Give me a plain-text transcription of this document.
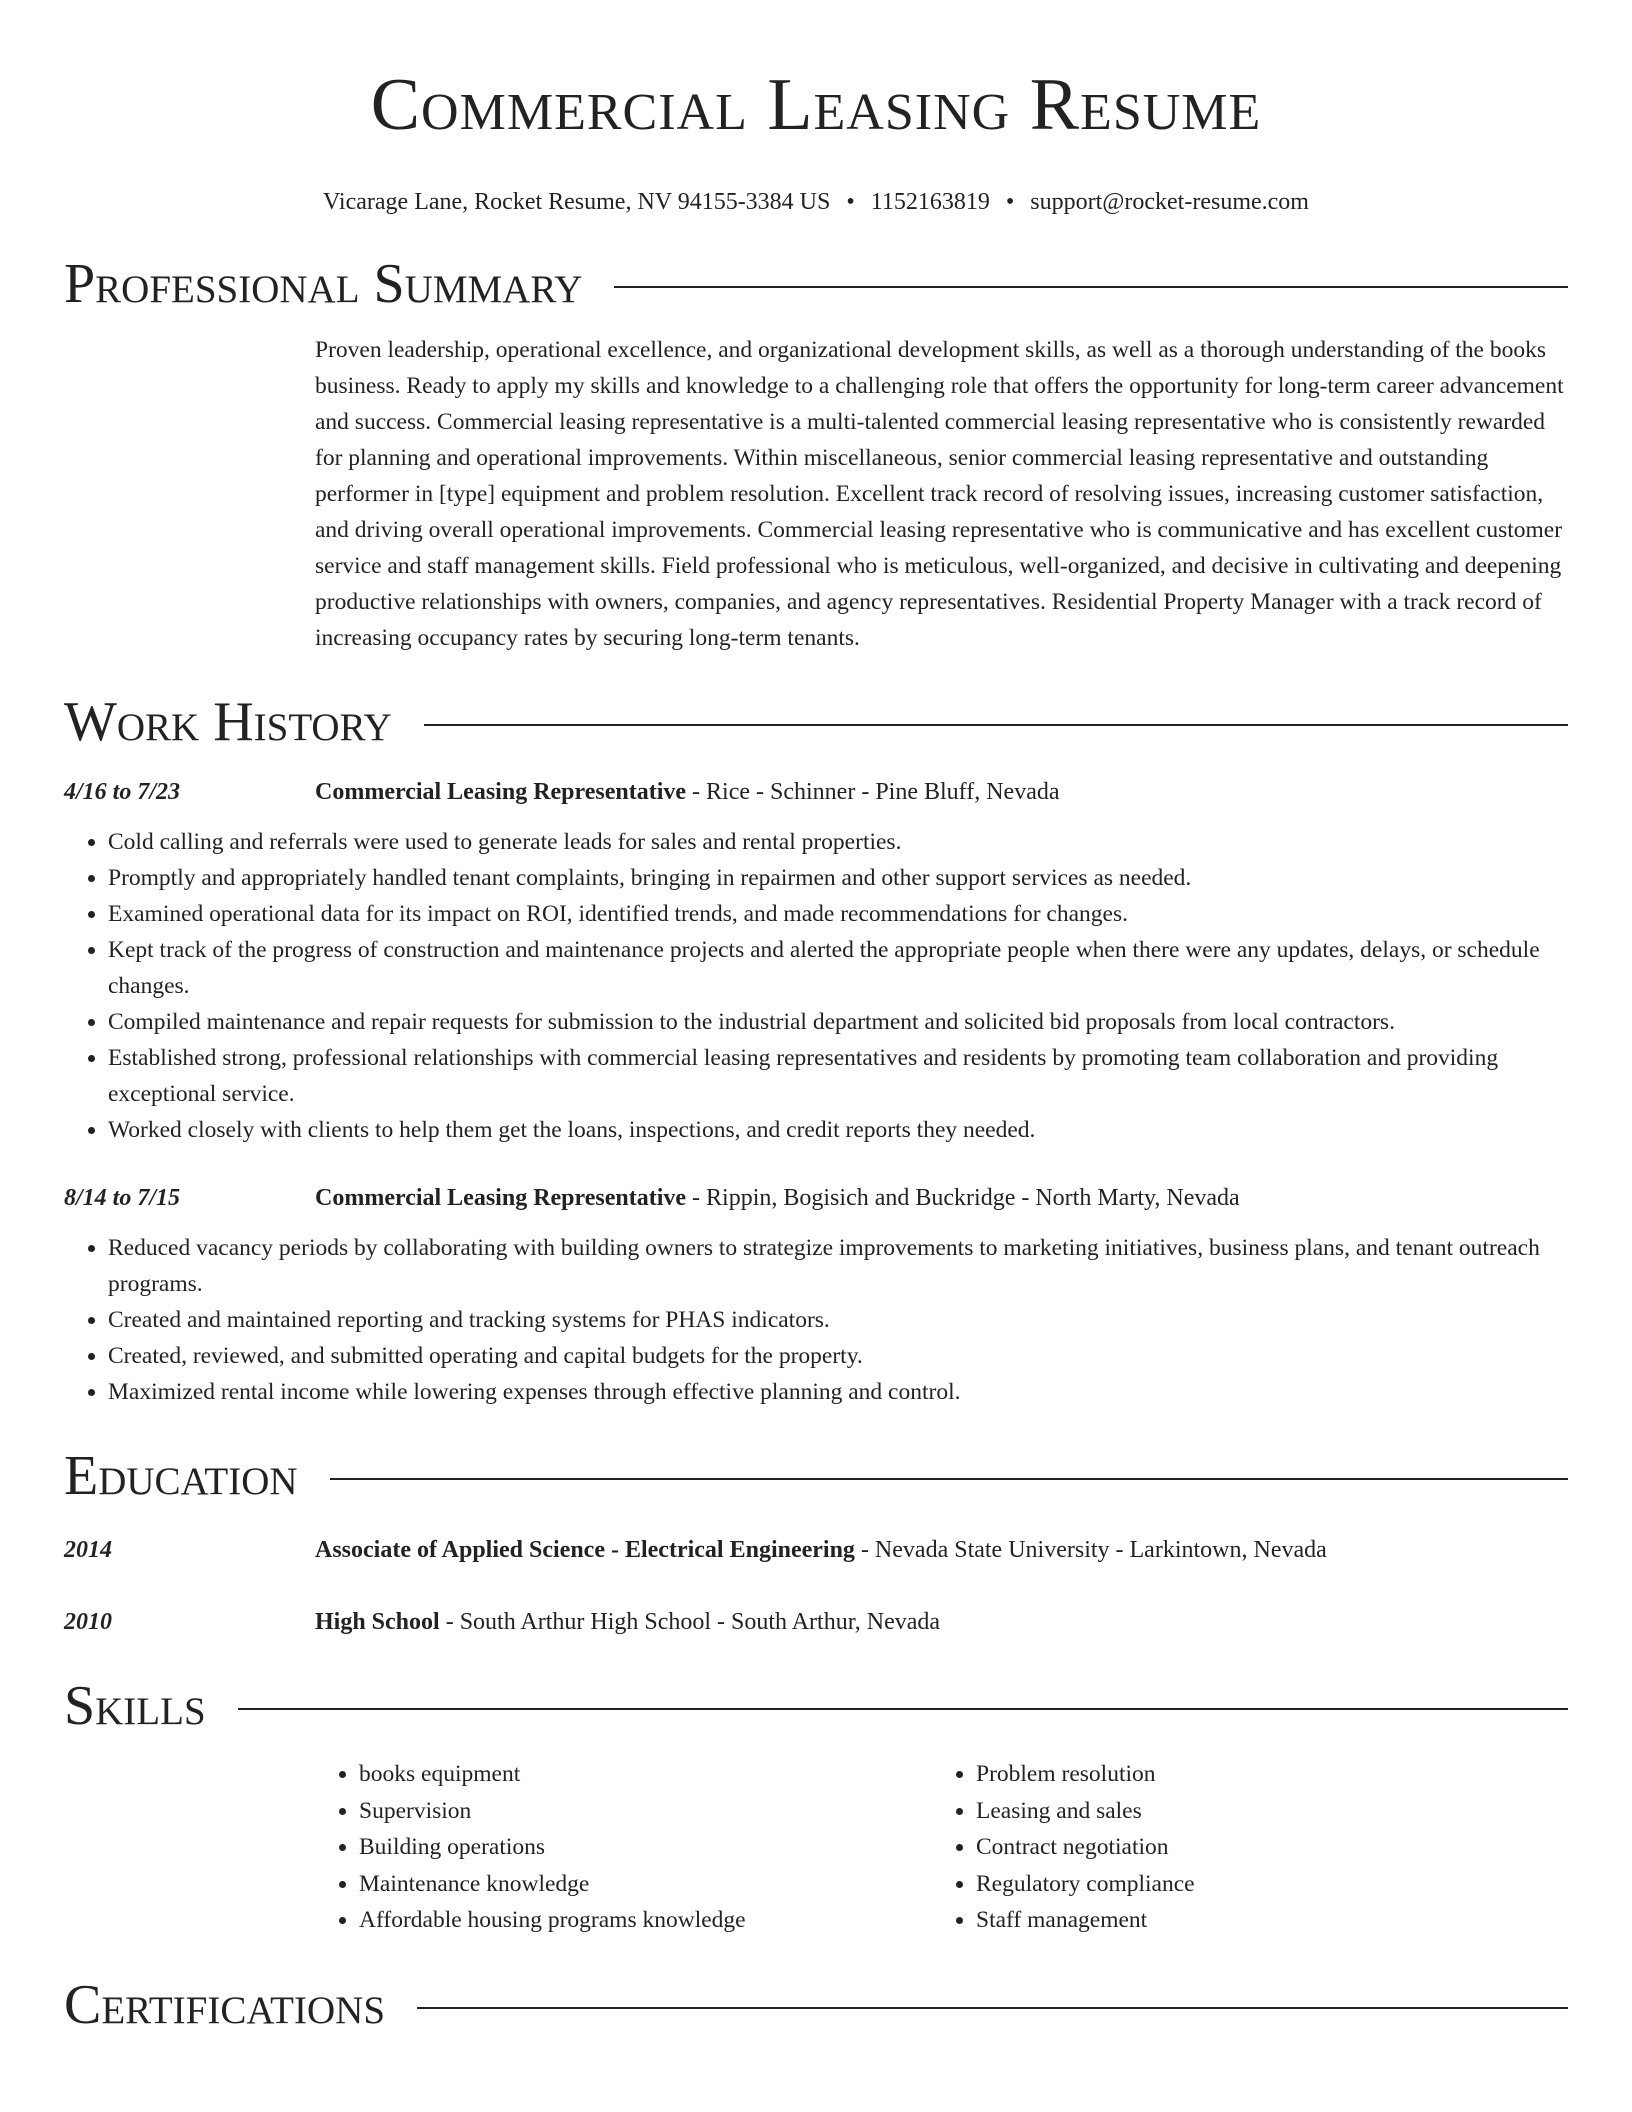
Commercial Leasing Resume
Vicarage Lane, Rocket Resume, NV 94155-3384 US • 1152163819 • support@rocket-resume.com
Professional Summary
Proven leadership, operational excellence, and organizational development skills, as well as a thorough understanding of the books business. Ready to apply my skills and knowledge to a challenging role that offers the opportunity for long-term career advancement and success. Commercial leasing representative is a multi-talented commercial leasing representative who is consistently rewarded for planning and operational improvements. Within miscellaneous, senior commercial leasing representative and outstanding performer in [type] equipment and problem resolution. Excellent track record of resolving issues, increasing customer satisfaction, and driving overall operational improvements. Commercial leasing representative who is communicative and has excellent customer service and staff management skills. Field professional who is meticulous, well-organized, and decisive in cultivating and deepening productive relationships with owners, companies, and agency representatives. Residential Property Manager with a track record of increasing occupancy rates by securing long-term tenants.
Work History
4/16 to 7/23	Commercial Leasing Representative - Rice - Schinner - Pine Bluff, Nevada
• Cold calling and referrals were used to generate leads for sales and rental properties.
• Promptly and appropriately handled tenant complaints, bringing in repairmen and other support services as needed.
• Examined operational data for its impact on ROI, identified trends, and made recommendations for changes.
• Kept track of the progress of construction and maintenance projects and alerted the appropriate people when there were any updates, delays, or schedule changes.
• Compiled maintenance and repair requests for submission to the industrial department and solicited bid proposals from local contractors.
• Established strong, professional relationships with commercial leasing representatives and residents by promoting team collaboration and providing exceptional service.
• Worked closely with clients to help them get the loans, inspections, and credit reports they needed.
8/14 to 7/15	Commercial Leasing Representative - Rippin, Bogisich and Buckridge - North Marty, Nevada
• Reduced vacancy periods by collaborating with building owners to strategize improvements to marketing initiatives, business plans, and tenant outreach programs.
• Created and maintained reporting and tracking systems for PHAS indicators.
• Created, reviewed, and submitted operating and capital budgets for the property.
• Maximized rental income while lowering expenses through effective planning and control.
Education
2014	Associate of Applied Science - Electrical Engineering - Nevada State University - Larkintown, Nevada
2010	High School - South Arthur High School - South Arthur, Nevada
Skills
• books equipment
• Supervision
• Building operations
• Maintenance knowledge
• Affordable housing programs knowledge
• Problem resolution
• Leasing and sales
• Contract negotiation
• Regulatory compliance
• Staff management
Certifications
